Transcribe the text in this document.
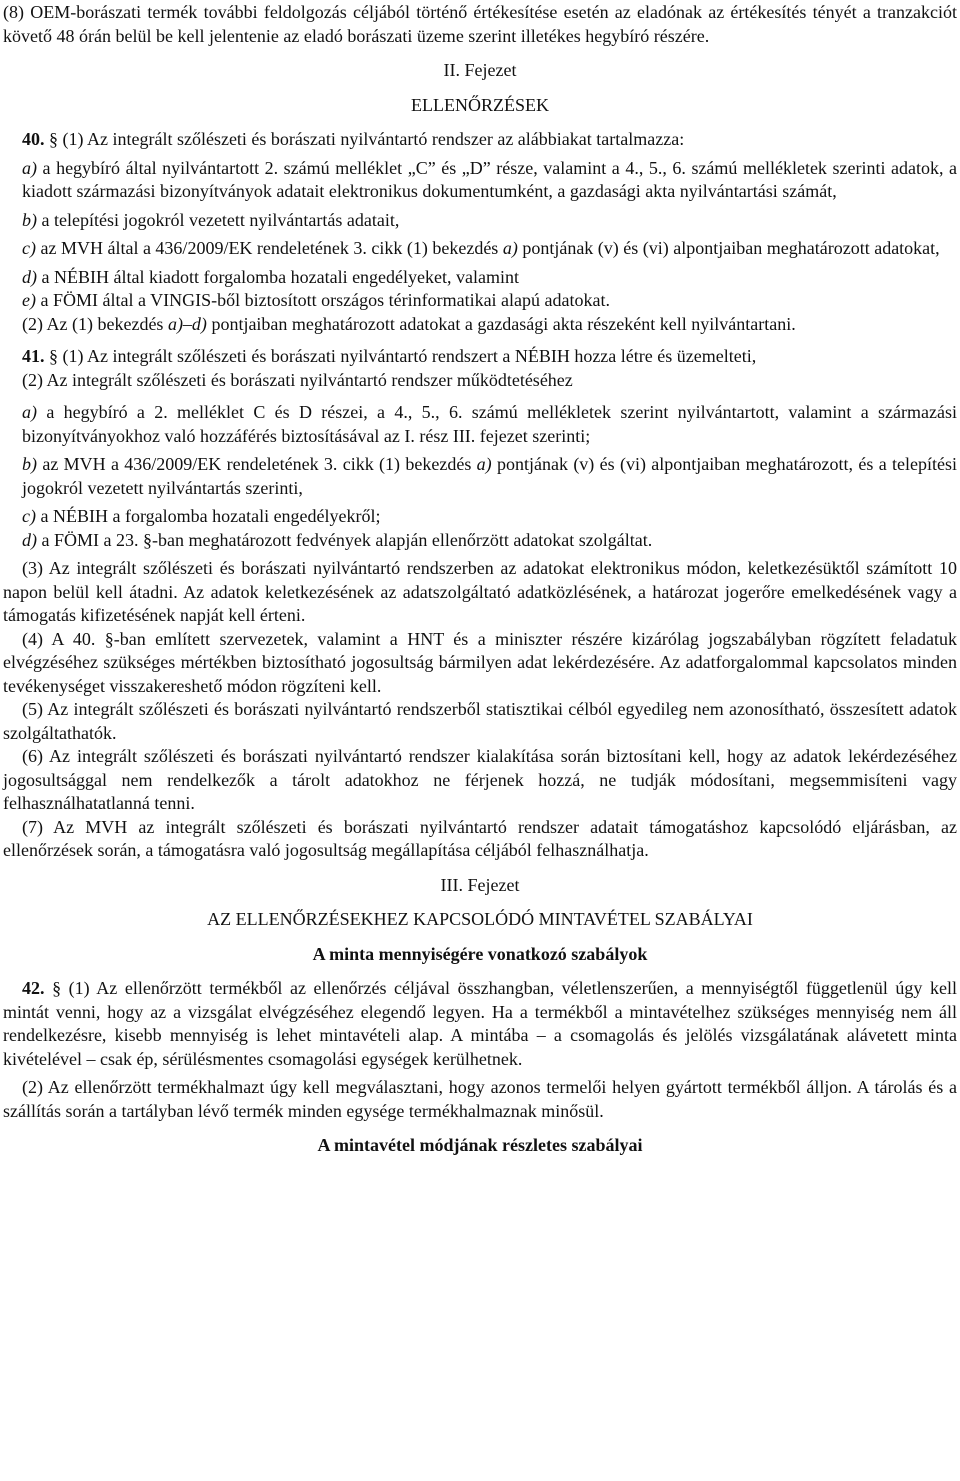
(8) OEM-borászati termék további feldolgozás céljából történő értékesítése esetén az eladónak az értékesítés tényét a tranzakciót követő 48 órán belül be kell jelentenie az eladó borászati üzeme szerint illetékes hegybíró részére.

II. Fejezet

ELLENŐRZÉSEK

40. § (1) Az integrált szőlészeti és borászati nyilvántartó rendszer az alábbiakat tartalmazza:

a) a hegybíró által nyilvántartott 2. számú melléklet „C” és „D” része, valamint a 4., 5., 6. számú mellékletek szerinti adatok, a kiadott származási bizonyítványok adatait elektronikus dokumentumként, a gazdasági akta nyilvántartási számát,

b) a telepítési jogokról vezetett nyilvántartás adatait,

c) az MVH által a 436/2009/EK rendeletének 3. cikk (1) bekezdés a) pontjának (v) és (vi) alpontjaiban meghatározott adatokat,

d) a NÉBIH által kiadott forgalomba hozatali engedélyeket, valamint

e) a FÖMI által a VINGIS-ből biztosított országos térinformatikai alapú adatokat.

(2) Az (1) bekezdés a)–d) pontjaiban meghatározott adatokat a gazdasági akta részeként kell nyilvántartani.

41. § (1) Az integrált szőlészeti és borászati nyilvántartó rendszert a NÉBIH hozza létre és üzemelteti,

(2) Az integrált szőlészeti és borászati nyilvántartó rendszer működtetéséhez

a) a hegybíró a 2. melléklet C és D részei, a 4., 5., 6. számú mellékletek szerint nyilvántartott, valamint a származási bizonyítványokhoz való hozzáférés biztosításával az I. rész III. fejezet szerinti;

b) az MVH a 436/2009/EK rendeletének 3. cikk (1) bekezdés a) pontjának (v) és (vi) alpontjaiban meghatározott, és a telepítési jogokról vezetett nyilvántartás szerinti,

c) a NÉBIH a forgalomba hozatali engedélyekről;

d) a FÖMI a 23. §-ban meghatározott fedvények alapján ellenőrzött adatokat szolgáltat.

(3) Az integrált szőlészeti és borászati nyilvántartó rendszerben az adatokat elektronikus módon, keletkezésüktől számított 10 napon belül kell átadni. Az adatok keletkezésének az adatszolgáltató adatközlésének, a határozat jogerőre emelkedésének vagy a támogatás kifizetésének napját kell érteni.

(4) A 40. §-ban említett szervezetek, valamint a HNT és a miniszter részére kizárólag jogszabályban rögzített feladatuk elvégzéséhez szükséges mértékben biztosítható jogosultság bármilyen adat lekérdezésére. Az adatforgalommal kapcsolatos minden tevékenységet visszakereshető módon rögzíteni kell.

(5) Az integrált szőlészeti és borászati nyilvántartó rendszerből statisztikai célból egyedileg nem azonosítható, összesített adatok szolgáltathatók.

(6) Az integrált szőlészeti és borászati nyilvántartó rendszer kialakítása során biztosítani kell, hogy az adatok lekérdezéséhez jogosultsággal nem rendelkezők a tárolt adatokhoz ne férjenek hozzá, ne tudják módosítani, megsemmisíteni vagy felhasználhatatlanná tenni.

(7) Az MVH az integrált szőlészeti és borászati nyilvántartó rendszer adatait támogatáshoz kapcsolódó eljárásban, az ellenőrzések során, a támogatásra való jogosultság megállapítása céljából felhasználhatja.

III. Fejezet

AZ ELLENŐRZÉSEKHEZ KAPCSOLÓDÓ MINTAVÉTEL SZABÁLYAI

A minta mennyiségére vonatkozó szabályok

42. § (1) Az ellenőrzött termékből az ellenőrzés céljával összhangban, véletlenszerűen, a mennyiségtől függetlenül úgy kell mintát venni, hogy az a vizsgálat elvégzéséhez elegendő legyen. Ha a termékből a mintavételhez szükséges mennyiség nem áll rendelkezésre, kisebb mennyiség is lehet mintavételi alap. A mintába – a csomagolás és jelölés vizsgálatának alávetett minta kivételével – csak ép, sérülésmentes csomagolási egységek kerülhetnek.

(2) Az ellenőrzött termékhalmazt úgy kell megválasztani, hogy azonos termelői helyen gyártott termékből álljon. A tárolás és a szállítás során a tartályban lévő termék minden egysége termékhalmaznak minősül.

A mintavétel módjának részletes szabályai
